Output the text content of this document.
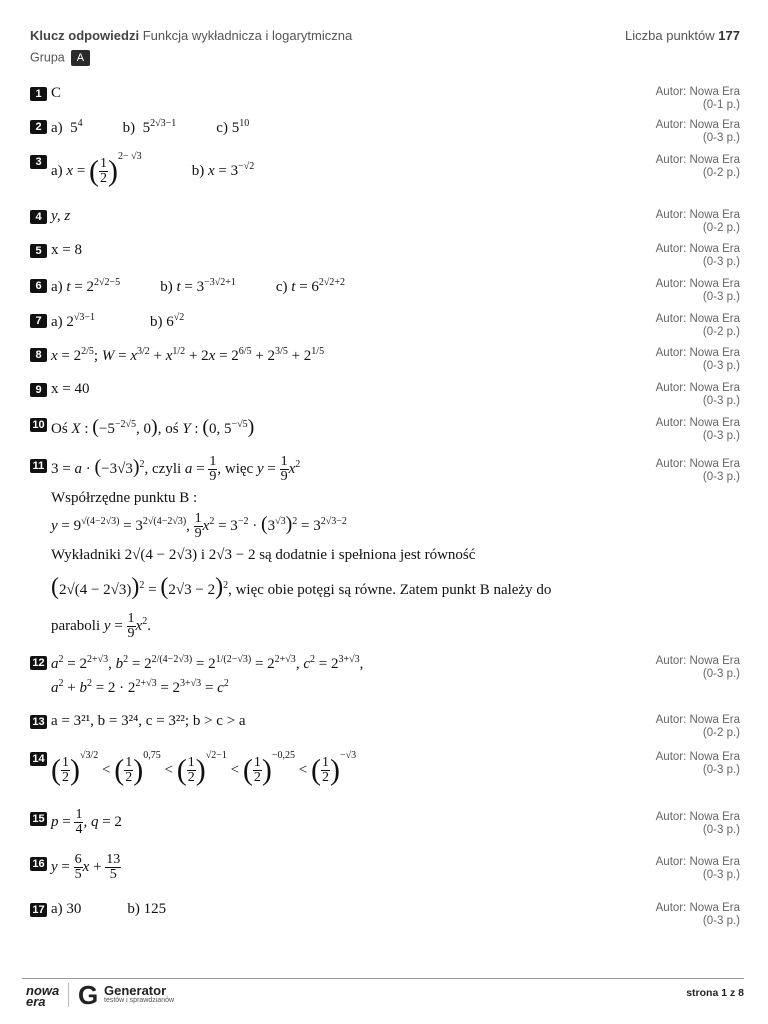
Klucz odpowiedzi Funkcja wykładnicza i logarytmiczna	Liczba punktów 177
Grupa A
1 C	Autor: Nowa Era
(0-1 p.)
2 a)  $5^4$	b)  $5^{2√3-1}$	c) $5^{10}$	Autor: Nowa Era
(0-3 p.)
3
a) x = ( $\frac{1}{2} )^{2- √3}b$) $x = 3^{-√2}$
Autor: Nowa Era
(0-2 p.)
4 y, z	Autor: Nowa Era
(0-2 p.)
5 x = 8	Autor: Nowa Era
(0-3 p.)
6 a) $t = 2^{2√2-5}$	b) $t = 3^{-3√2+1}$	c) $t = 6^{2√2+2}$	Autor: Nowa Era
(0-3 p.)
7 a) $2^{√3-1}$	b) $6^{√2}$	Autor: Nowa Era
(0-2 p.)
8 $x = 2^{2/5}$; $W = x^{3/2} + x^{1/2} + 2x = 2^{6/5} + 2^{3/5} + 2^{1/5}$	Autor: Nowa Era
(0-3 p.)
9 x = 40	Autor: Nowa Era
(0-3 p.)
10 Oś X : ($-5^{-2√5}$, 0), oś Y : (0, $5^{-√5}$)	Autor: Nowa Era
(0-3 p.)
11 $3 = a \cdot (-3√3)^2$, czyli $a = \frac{1}{9}$ , więc $y = \frac{1}{9} x^2$	Autor: Nowa Era
(0-3 p.)
Współrzędne punktu B :
$y = 9^{√(4-2√3)} = 3^{2√(4-2√3)}$, $\frac{1}{9} x^2 = 3^{-2} \cdot (3^{√3})^2 = 3^{2√3-2}$
Wykładniki 2√(4 − 2√3) i 2√3 − 2 są dodatnie i spełniona jest równość
$(2√(4 - 2√3))^2 = (2√3 - 2)^2$, więc obie potęgi są równe. Zatem punkt B należy do
paraboli $y = \frac{1}{9} x^2$.
12 $a^2 = 2^{2+√3}$, $b^2 = 2^{2/(4-2√3)} = 2^{1/(2-√3)} = 2^{2+√3}$, $c^2 = 2^{3+√3}$,	Autor: Nowa Era
(0-3 p.)
$a^2 + b^2 = 2 \cdot 2^{2+√3} = 2^{3+√3} = c^2$
13 a = 3²¹, b = 3²⁴, c = 3²²; b > c > a	Autor: Nowa Era
(0-2 p.)
14 ( $\frac{1}{2} )^{√3/2}$ < ( $\frac{1}{2} )^{0,75}$ < ( $\frac{1}{2} )^{√2-1}$ < ( $\frac{1}{2} )^{-0,25}$ < ( $\frac{1}{2} )^{-√3}$	Autor: Nowa Era
(0-3 p.)
15 $p = \frac{1}{4}$ , q = 2	Autor: Nowa Era
(0-3 p.)
16 $y = \frac{6}{5}$ $x + \frac{13}{5}$	Autor: Nowa Era
(0-3 p.)
17 a) 30	b) 125	Autor: Nowa Era
(0-3 p.)
nowa
era	G Generator
testów i sprawdzianów
strona 1 z 8
